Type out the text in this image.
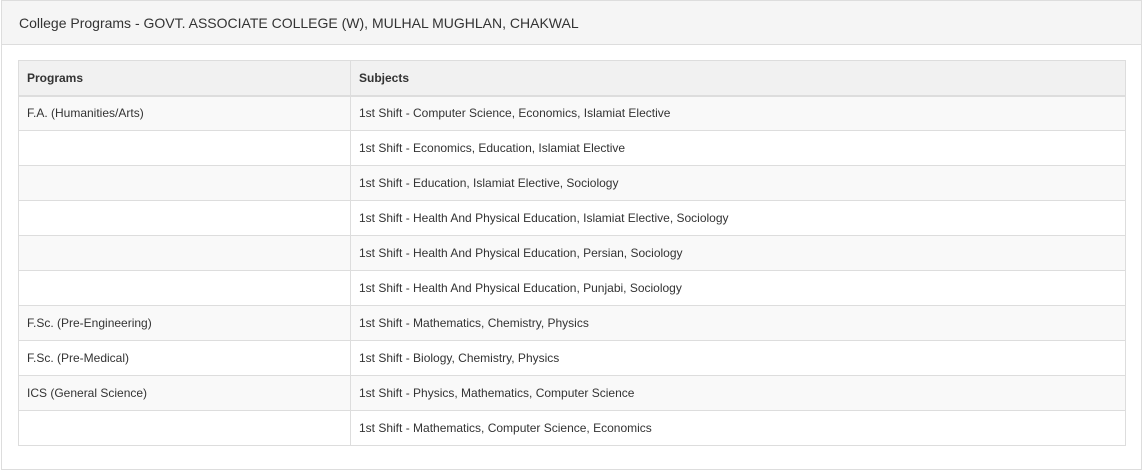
College Programs - GOVT. ASSOCIATE COLLEGE (W), MULHAL MUGHLAN, CHAKWAL
Programs	Subjects
F.A. (Humanities/Arts)	1st Shift - Computer Science, Economics, Islamiat Elective
	1st Shift - Economics, Education, Islamiat Elective
	1st Shift - Education, Islamiat Elective, Sociology
	1st Shift - Health And Physical Education, Islamiat Elective, Sociology
	1st Shift - Health And Physical Education, Persian, Sociology
	1st Shift - Health And Physical Education, Punjabi, Sociology
F.Sc. (Pre-Engineering)	1st Shift - Mathematics, Chemistry, Physics
F.Sc. (Pre-Medical)	1st Shift - Biology, Chemistry, Physics
ICS (General Science)	1st Shift - Physics, Mathematics, Computer Science
	1st Shift - Mathematics, Computer Science, Economics
